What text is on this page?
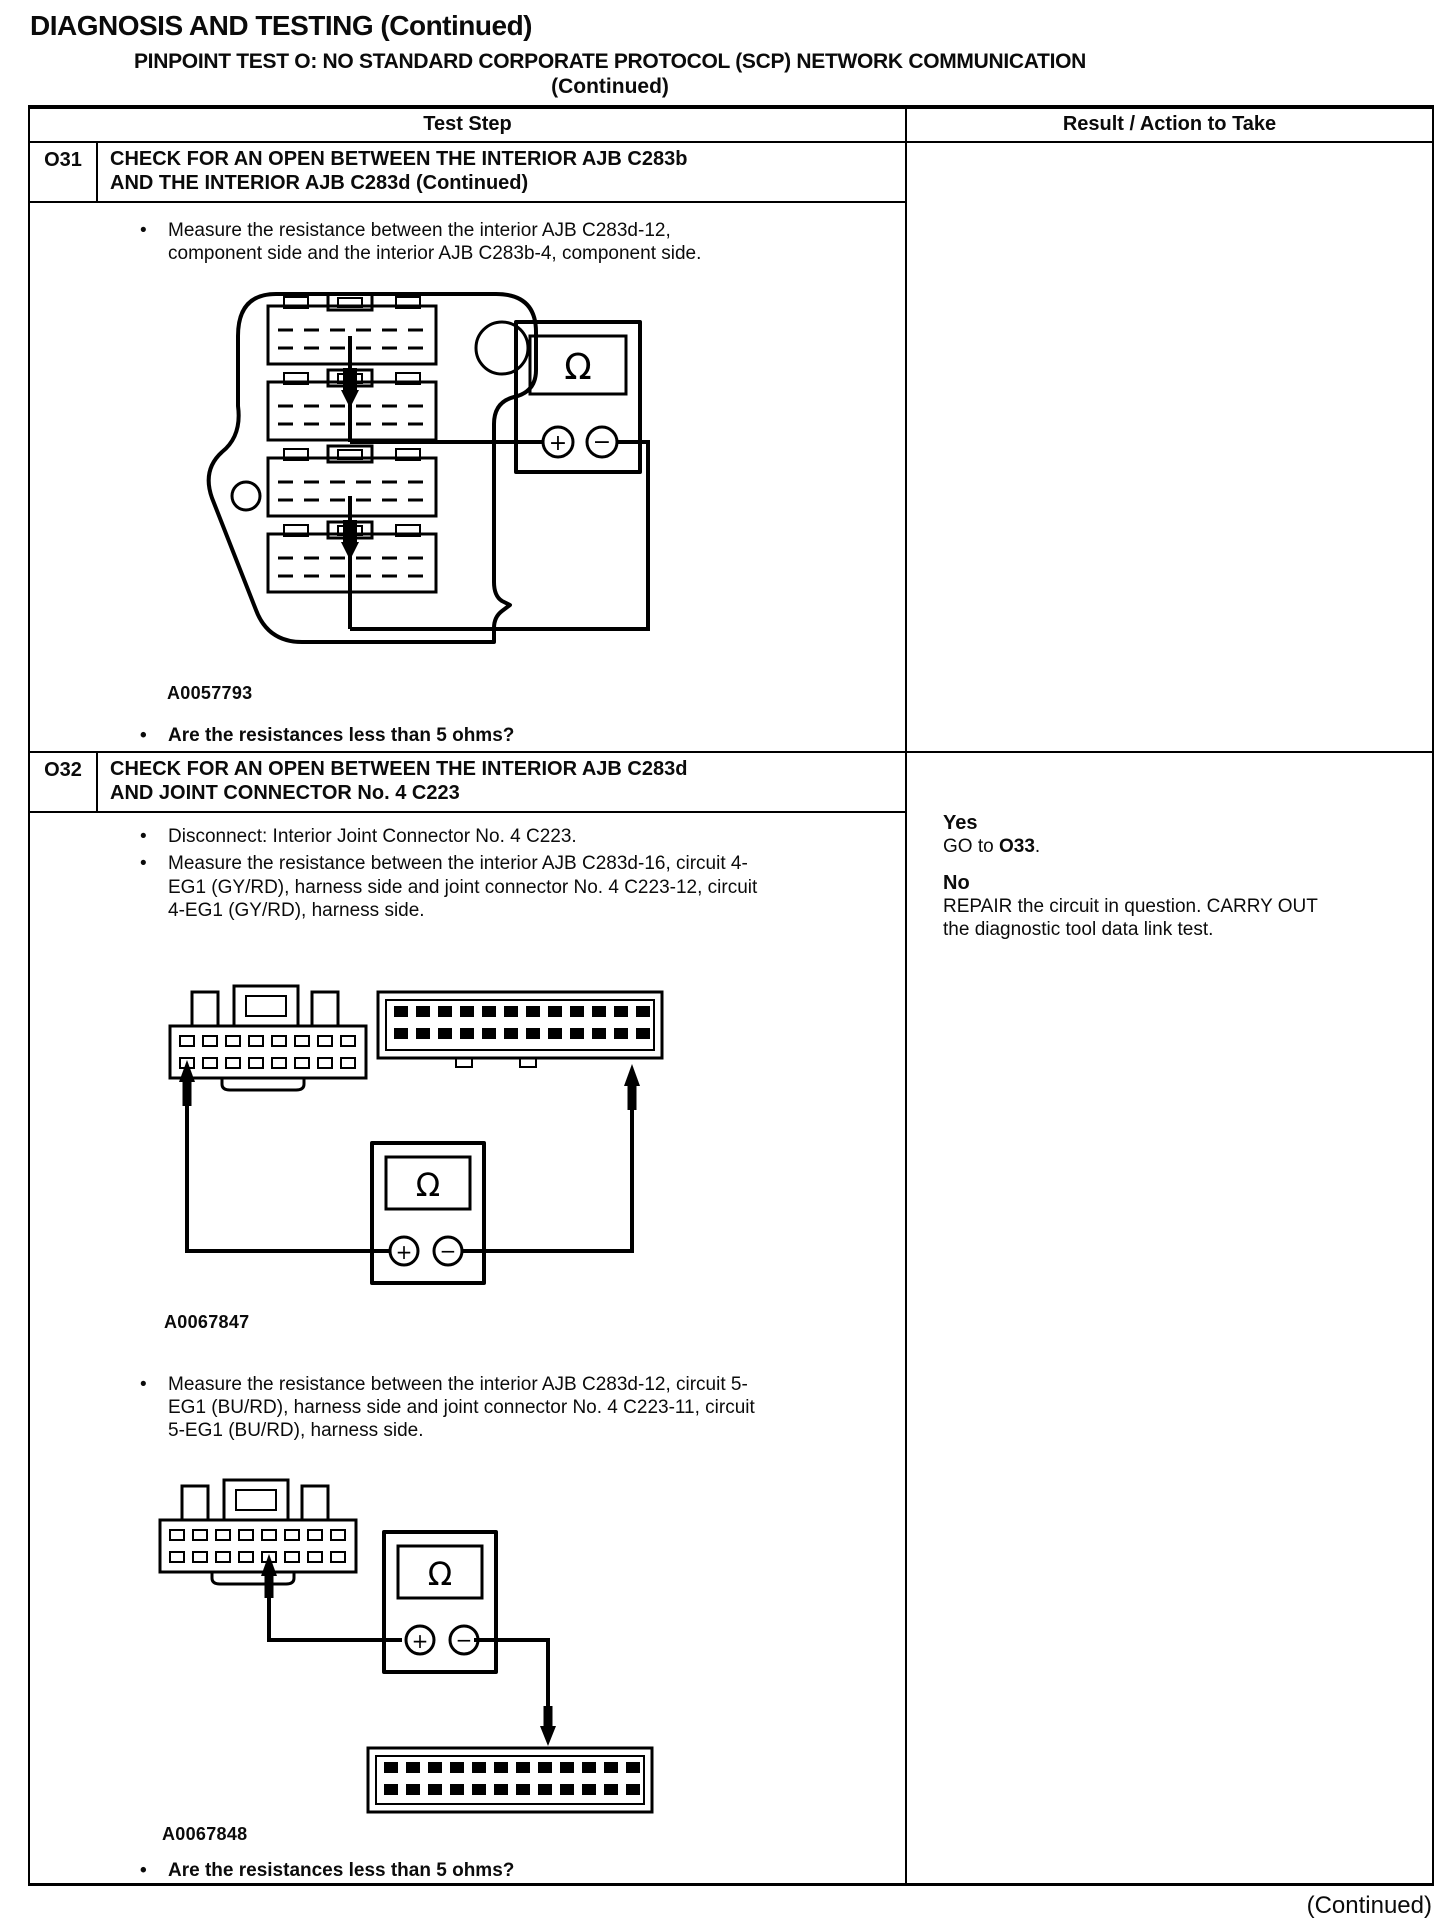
DIAGNOSIS AND TESTING (Continued)
PINPOINT TEST O: NO STANDARD CORPORATE PROTOCOL (SCP) NETWORK COMMUNICATION
(Continued)
Test Step	Result / Action to Take
O31	CHECK FOR AN OPEN BETWEEN THE INTERIOR AJB C283b
AND THE INTERIOR AJB C283d (Continued)
•	Measure the resistance between the interior AJB C283d-12, component side and the interior AJB C283b-4, component side.
Ω
+ −
A0057793
•	Are the resistances less than 5 ohms?
O32	CHECK FOR AN OPEN BETWEEN THE INTERIOR AJB C283d
AND JOINT CONNECTOR No. 4 C223
•	Disconnect: Interior Joint Connector No. 4 C223.
•	Measure the resistance between the interior AJB C283d-16, circuit 4-EG1 (GY/RD), harness side and joint connector No. 4 C223-12, circuit 4-EG1 (GY/RD), harness side.
Ω
+ −
A0067847
•	Measure the resistance between the interior AJB C283d-12, circuit 5-EG1 (BU/RD), harness side and joint connector No. 4 C223-11, circuit 5-EG1 (BU/RD), harness side.
Ω
+ −
A0067848
•	Are the resistances less than 5 ohms?
Yes
GO to O33.
No
REPAIR the circuit in question. CARRY OUT the diagnostic tool data link test.
(Continued)
